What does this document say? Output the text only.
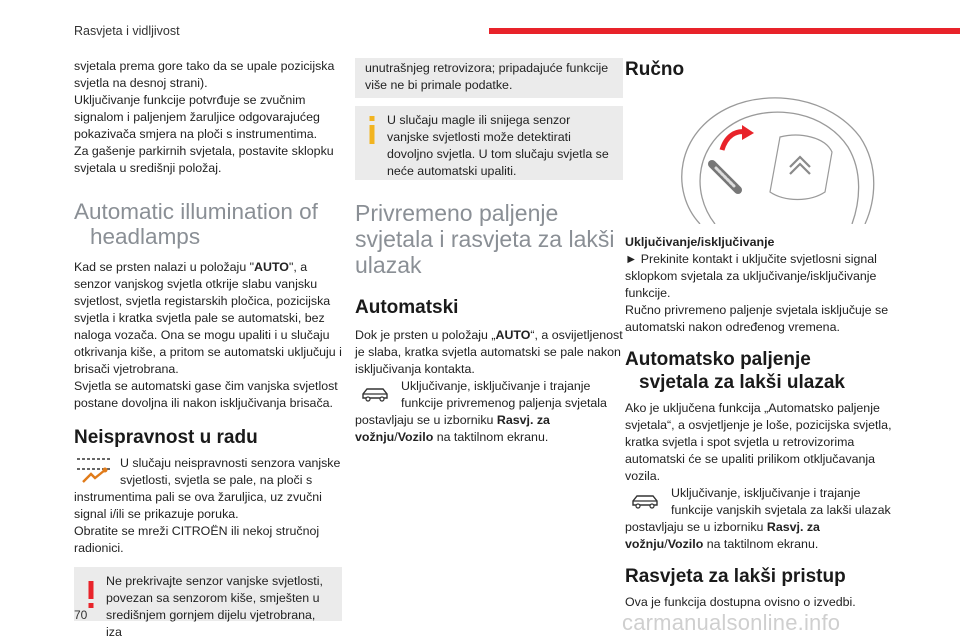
Rasvjeta i vidljivost

svjetala prema gore tako da se upale pozicijska svjetla na desnoj strani).
Uključivanje funkcije potvrđuje se zvučnim signalom i paljenjem žaruljice odgovarajućeg pokazivača smjera na ploči s instrumentima.
Za gašenje parkirnih svjetala, postavite sklopku svjetala u središnji položaj.

Automatic illumination of
headlamps

Kad se prsten nalazi u položaju "AUTO", a senzor vanjskog svjetla otkrije slabu vanjsku svjetlost, svjetla registarskih pločica, pozicijska svjetla i kratka svjetla pale se automatski, bez naloga vozača. Ona se mogu upaliti i u slučaju otkrivanja kiše, a pritom se automatski uključuju i brisači vjetrobrana.

Svjetla se automatski gase čim vanjska svjetlost postane dovoljna ili nakon isključivanja brisača.

Neispravnost u radu

U slučaju neispravnosti senzora vanjske svjetlosti, svjetla se pale, na ploči s instrumentima pali se ova žaruljica, uz zvučni signal i/ili se prikazuje poruka.

Obratite se mreži CITROËN ili nekoj stručnoj radionici.

Ne prekrivajte senzor vanjske svjetlosti, povezan sa senzorom kiše, smješten u središnjem gornjem dijelu vjetrobrana, iza

unutrašnjeg retrovizora; pripadajuće funkcije više ne bi primale podatke.

U slučaju magle ili snijega senzor vanjske svjetlosti može detektirati dovoljno svjetla. U tom slučaju svjetla se neće automatski upaliti.

Privremeno paljenje
svjetala i rasvjeta za lakši
ulazak
Automatski

Dok je prsten u položaju „AUTO“, a osvijetljenost je slaba, kratka svjetla automatski se pale nakon isključivanja kontakta.

Uključivanje, isključivanje i trajanje funkcije privremenog paljenja svjetala postavljaju se u izborniku Rasvj. za vožnju/Vozilo na taktilnom ekranu.

Ručno

Uključivanje/isključivanje

► Prekinite kontakt i uključite svjetlosni signal sklopkom svjetala za uključivanje/isključivanje funkcije.

Ručno privremeno paljenje svjetala isključuje se automatski nakon određenog vremena.

Automatsko paljenje
svjetala za lakši ulazak

Ako je uključena funkcija „Automatsko paljenje svjetala“, a osvjetljenje je loše, pozicijska svjetla, kratka svjetla i spot svjetla u retrovizorima automatski će se upaliti prilikom otključavanja vozila.

Uključivanje, isključivanje i trajanje funkcije vanjskih svjetala za lakši ulazak postavljaju se u izborniku Rasvj. za vožnju/Vozilo na taktilnom ekranu.

Rasvjeta za lakši pristup

Ova je funkcija dostupna ovisno o izvedbi.

70	carmanualsonline.info
